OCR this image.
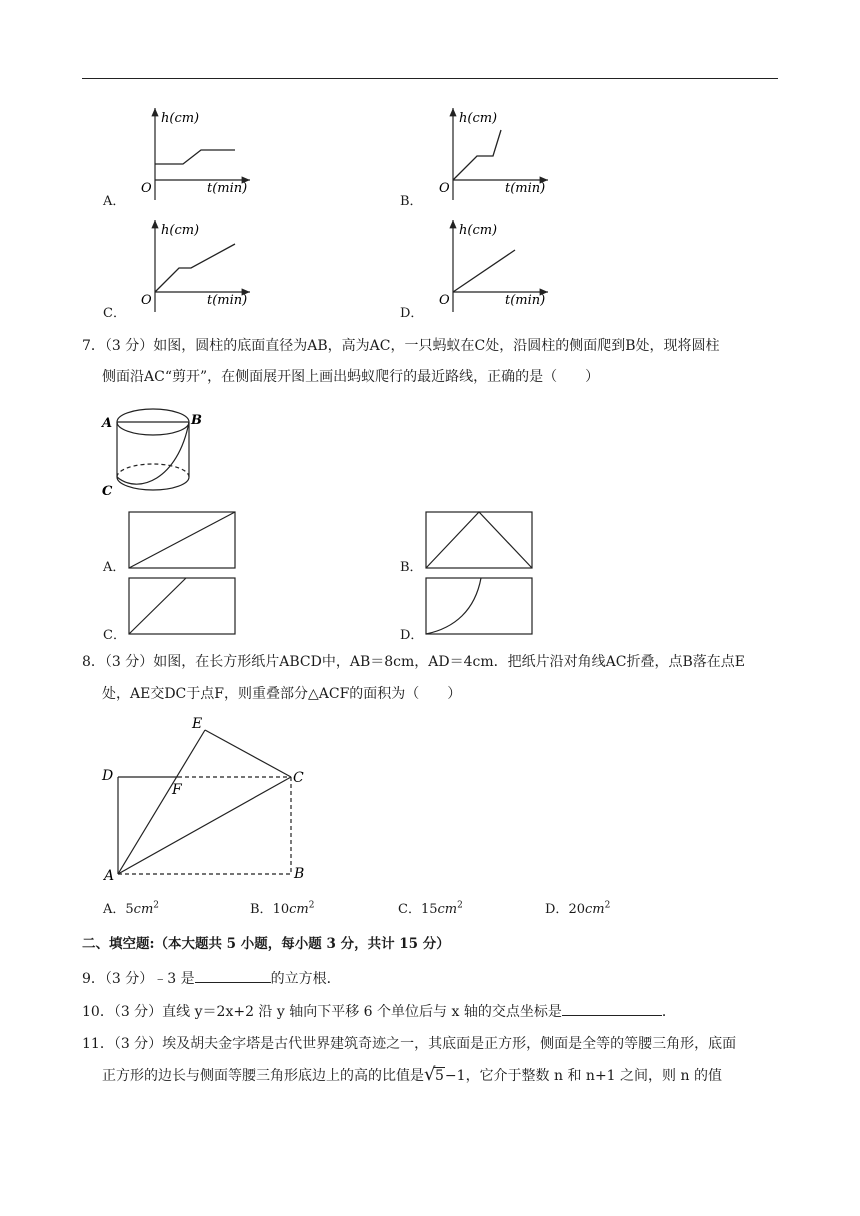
h(cm)
t(min)
O
h(cm)
t(min)
O
h(cm)
t(min)
O
h(cm)
t(min)
O
A．	B．
C．	D．
7．（3 分）如图，圆柱的底面直径为AB，高为AC，一只蚂蚁在C处，沿圆柱的侧面爬到B处，现将圆柱
侧面沿AC“剪开”，在侧面展开图上画出蚂蚁爬行的最近路线，正确的是（　　）
A	B
C
A．	B．
C．	D．
8．（3 分）如图，在长方形纸片ABCD中，AB＝8cm，AD＝4cm．把纸片沿对角线AC折叠，点B落在点E
处，AE交DC于点F，则重叠部分△ACF的面积为（　　）
E
D
F
C
A	B
A．$5cm^2$	B．$10cm^2$	C．$15cm^2$	D．$20cm^2$
二、填空题:（本大题共 5 小题，每小题 3 分，共计 15 分）
9．（3 分）﹣3 是	的立方根．
10．（3 分）直线 y＝2x+2 沿 y 轴向下平移 6 个单位后与 x 轴的交点坐标是	．
11．（3 分）埃及胡夫金字塔是古代世界建筑奇迹之一，其底面是正方形，侧面是全等的等腰三角形，底面
正方形的边长与侧面等腰三角形底边上的高的比值是 √ 5−1，它介于整数 n 和 n+1 之间，则 n 的值
